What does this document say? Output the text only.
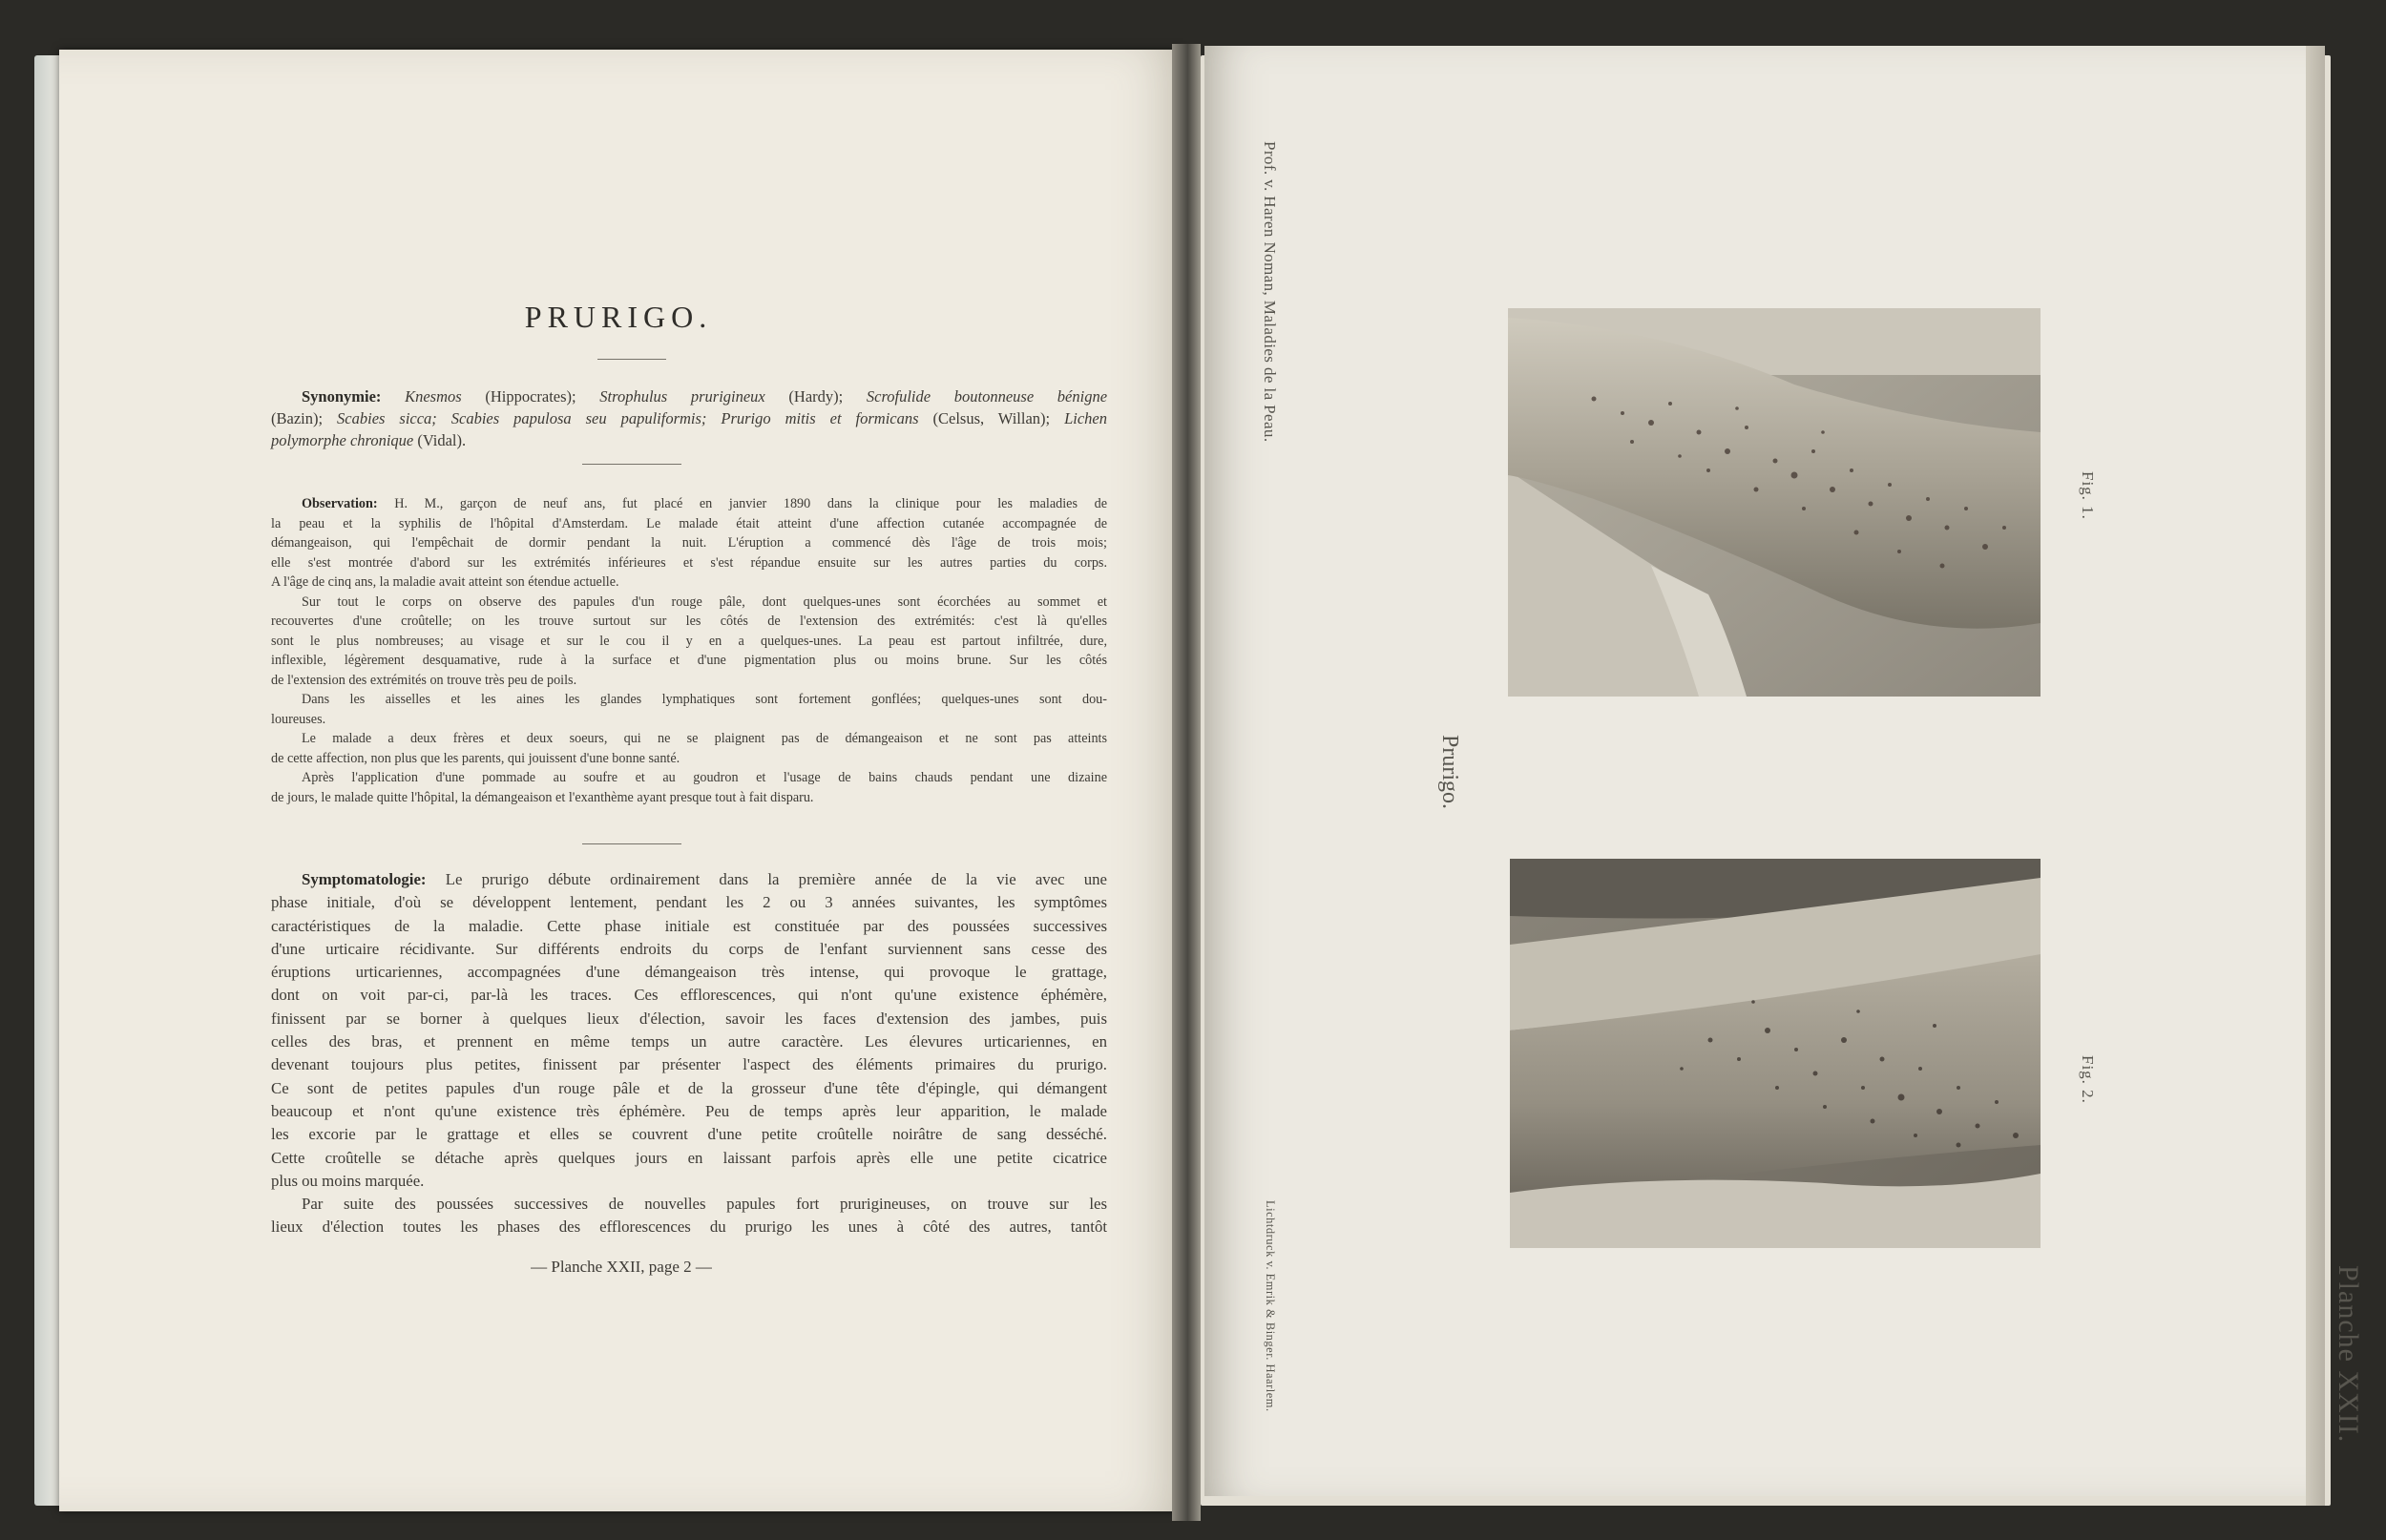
PRURIGO.
Synonymie: Knesmos (Hippocrates); Strophulus prurigineux (Hardy); Scrofulide boutonneuse bénigne
(Bazin); Scabies sicca; Scabies papulosa seu papuliformis; Prurigo mitis et formicans (Celsus, Willan); Lichen
polymorphe chronique (Vidal).
Observation: H. M., garçon de neuf ans, fut placé en janvier 1890 dans la clinique pour les maladies de
la peau et la syphilis de l'hôpital d'Amsterdam. Le malade était atteint d'une affection cutanée accompagnée de
démangeaison, qui l'empêchait de dormir pendant la nuit. L'éruption a commencé dès l'âge de trois mois;
elle s'est montrée d'abord sur les extrémités inférieures et s'est répandue ensuite sur les autres parties du corps.
A l'âge de cinq ans, la maladie avait atteint son étendue actuelle.
Sur tout le corps on observe des papules d'un rouge pâle, dont quelques-unes sont écorchées au sommet et
recouvertes d'une croûtelle; on les trouve surtout sur les côtés de l'extension des extrémités: c'est là qu'elles
sont le plus nombreuses; au visage et sur le cou il y en a quelques-unes. La peau est partout infiltrée, dure,
inflexible, légèrement desquamative, rude à la surface et d'une pigmentation plus ou moins brune. Sur les côtés
de l'extension des extrémités on trouve très peu de poils.
Dans les aisselles et les aines les glandes lymphatiques sont fortement gonflées; quelques-unes sont dou-
loureuses.
Le malade a deux frères et deux soeurs, qui ne se plaignent pas de démangeaison et ne sont pas atteints
de cette affection, non plus que les parents, qui jouissent d'une bonne santé.
Après l'application d'une pommade au soufre et au goudron et l'usage de bains chauds pendant une dizaine
de jours, le malade quitte l'hôpital, la démangeaison et l'exanthème ayant presque tout à fait disparu.
Symptomatologie: Le prurigo débute ordinairement dans la première année de la vie avec une
phase initiale, d'où se développent lentement, pendant les 2 ou 3 années suivantes, les symptômes
caractéristiques de la maladie. Cette phase initiale est constituée par des poussées successives
d'une urticaire récidivante. Sur différents endroits du corps de l'enfant surviennent sans cesse des
éruptions urticariennes, accompagnées d'une démangeaison très intense, qui provoque le grattage,
dont on voit par-ci, par-là les traces. Ces efflorescences, qui n'ont qu'une existence éphémère,
finissent par se borner à quelques lieux d'élection, savoir les faces d'extension des jambes, puis
celles des bras, et prennent en même temps un autre caractère. Les élevures urticariennes, en
devenant toujours plus petites, finissent par présenter l'aspect des éléments primaires du prurigo.
Ce sont de petites papules d'un rouge pâle et de la grosseur d'une tête d'épingle, qui démangent
beaucoup et n'ont qu'une existence très éphémère. Peu de temps après leur apparition, le malade
les excorie par le grattage et elles se couvrent d'une petite croûtelle noirâtre de sang desséché.
Cette croûtelle se détache après quelques jours en laissant parfois après elle une petite cicatrice
plus ou moins marquée.
Par suite des poussées successives de nouvelles papules fort prurigineuses, on trouve sur les
lieux d'élection toutes les phases des efflorescences du prurigo les unes à côté des autres, tantôt
— Planche XXII, page 2 —
Prof. v. Haren Noman, Maladies de la Peau.
Prurigo.
Lichtdruck v. Emrik & Binger. Haarlem.
Fig. 1.
Fig. 2.
Planche XXII.
